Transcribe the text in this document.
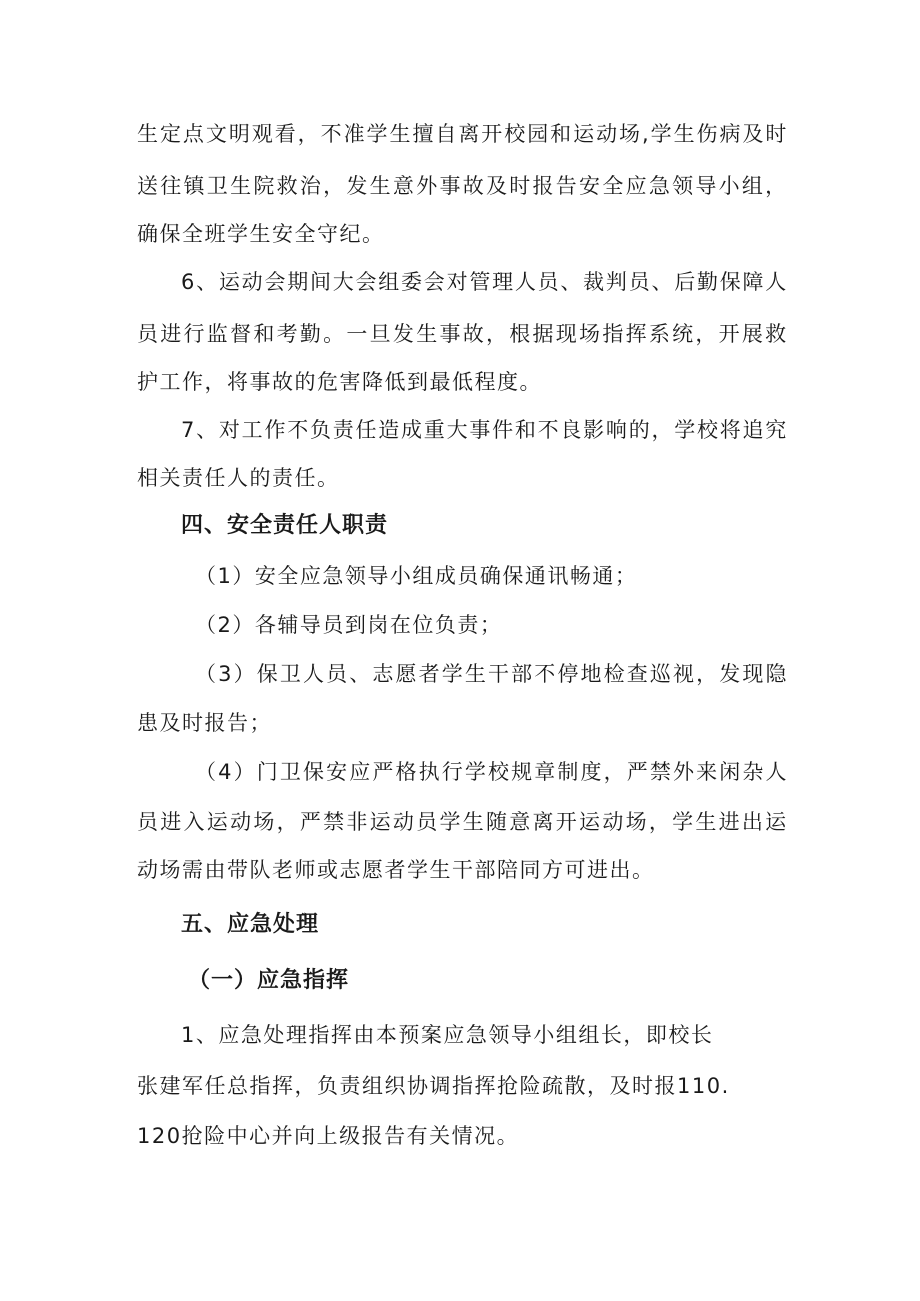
生 定 点 文 明 观 看 ， 不 准 学 生 擅 自 离 开 校 园 和 运 动 场 , 学 生 伤 病 及 时
送 往 镇 卫 生 院 救 治 ， 发 生 意 外 事 故 及 时 报 告 安 全 应 急 领 导 小 组 ，
确保全班学生安全守纪。
6 、 运 动 会 期 间 大 会 组 委 会 对 管 理 人 员 、 裁 判 员 、 后 勤 保 障 人
员 进 行 监 督 和 考 勤 。 一 旦 发 生 事 故 ， 根 据 现 场 指 挥 系 统 ， 开 展 救
护工作，将事故的危害降低到最低程度。
7 、 对 工 作 不 负 责 任 造 成 重 大 事 件 和 不 良 影 响 的 ， 学 校 将 追 究
相关责任人的责任。
四、安全责任人职责
（1）安全应急领导小组成员确保通讯畅通；
（2）各辅导员到岗在位负责；
（ 3 ） 保 卫 人 员 、 志 愿 者 学 生 干 部 不 停 地 检 查 巡 视 ， 发 现 隐
患及时报告；
（ 4 ） 门 卫 保 安 应 严 格 执 行 学 校 规 章 制 度 ， 严 禁 外 来 闲 杂 人
员 进 入 运 动 场 ， 严 禁 非 运 动 员 学 生 随 意 离 开 运 动 场 ， 学 生 进 出 运
动场需由带队老师或志愿者学生干部陪同方可进出。
五、应急处理
（一）应急指挥
1、应急处理指挥由本预案应急领导小组组长，即校长
张建军任总指挥，负责组织协调指挥抢险疏散，及时报110.
120抢险中心并向上级报告有关情况。
